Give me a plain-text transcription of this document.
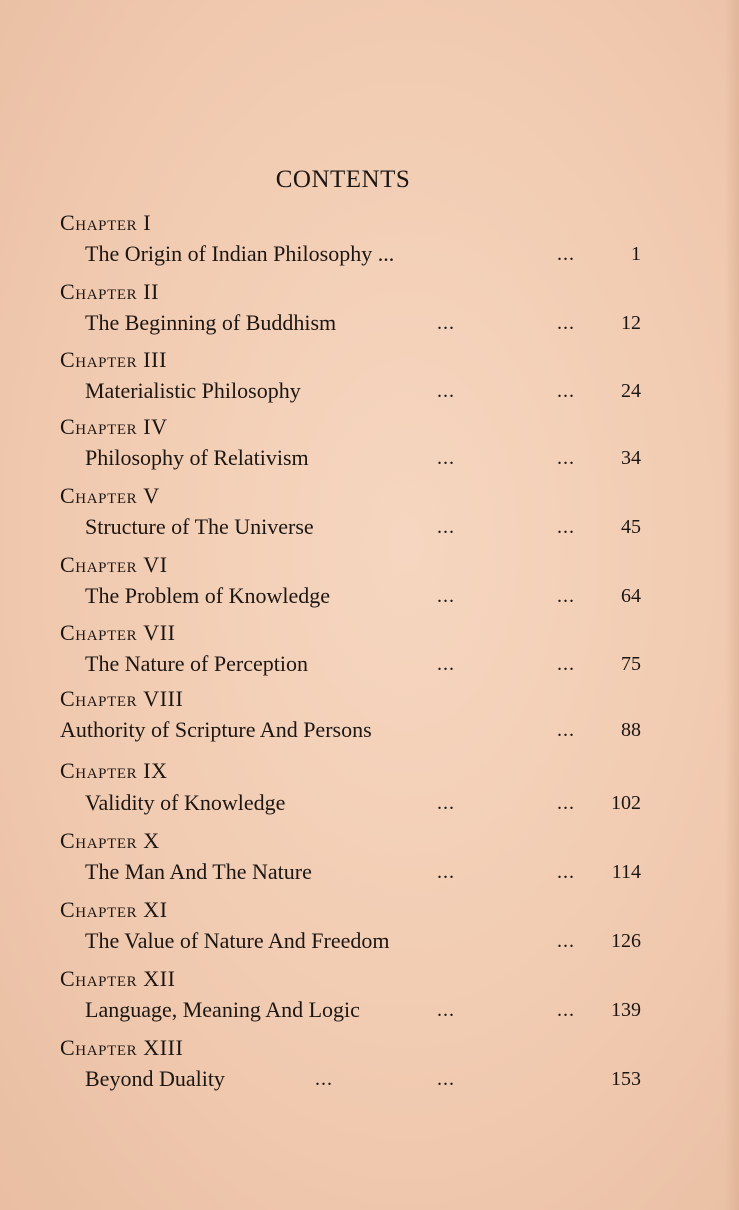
CONTENTS
Chapter I
The Origin of Indian Philosophy ...	...	1
Chapter II
The Beginning of Buddhism	...	... 12
Chapter III
Materialistic Philosophy	...	... 24
Chapter IV
Philosophy of Relativism	...	... 34
Chapter V
Structure of The Universe	...	... 45
Chapter VI
The Problem of Knowledge	...	... 64
Chapter VII
The Nature of Perception	...	... 75
Chapter VIII
Authority of Scripture And Persons	... 88
Chapter IX
Validity of Knowledge	...	... 102
Chapter X
The Man And The Nature	...	... 114
Chapter XI
The Value of Nature And Freedom	... 126
Chapter XII
Language, Meaning And Logic	...	... 139
Chapter XIII
Beyond Duality	...	...	153
